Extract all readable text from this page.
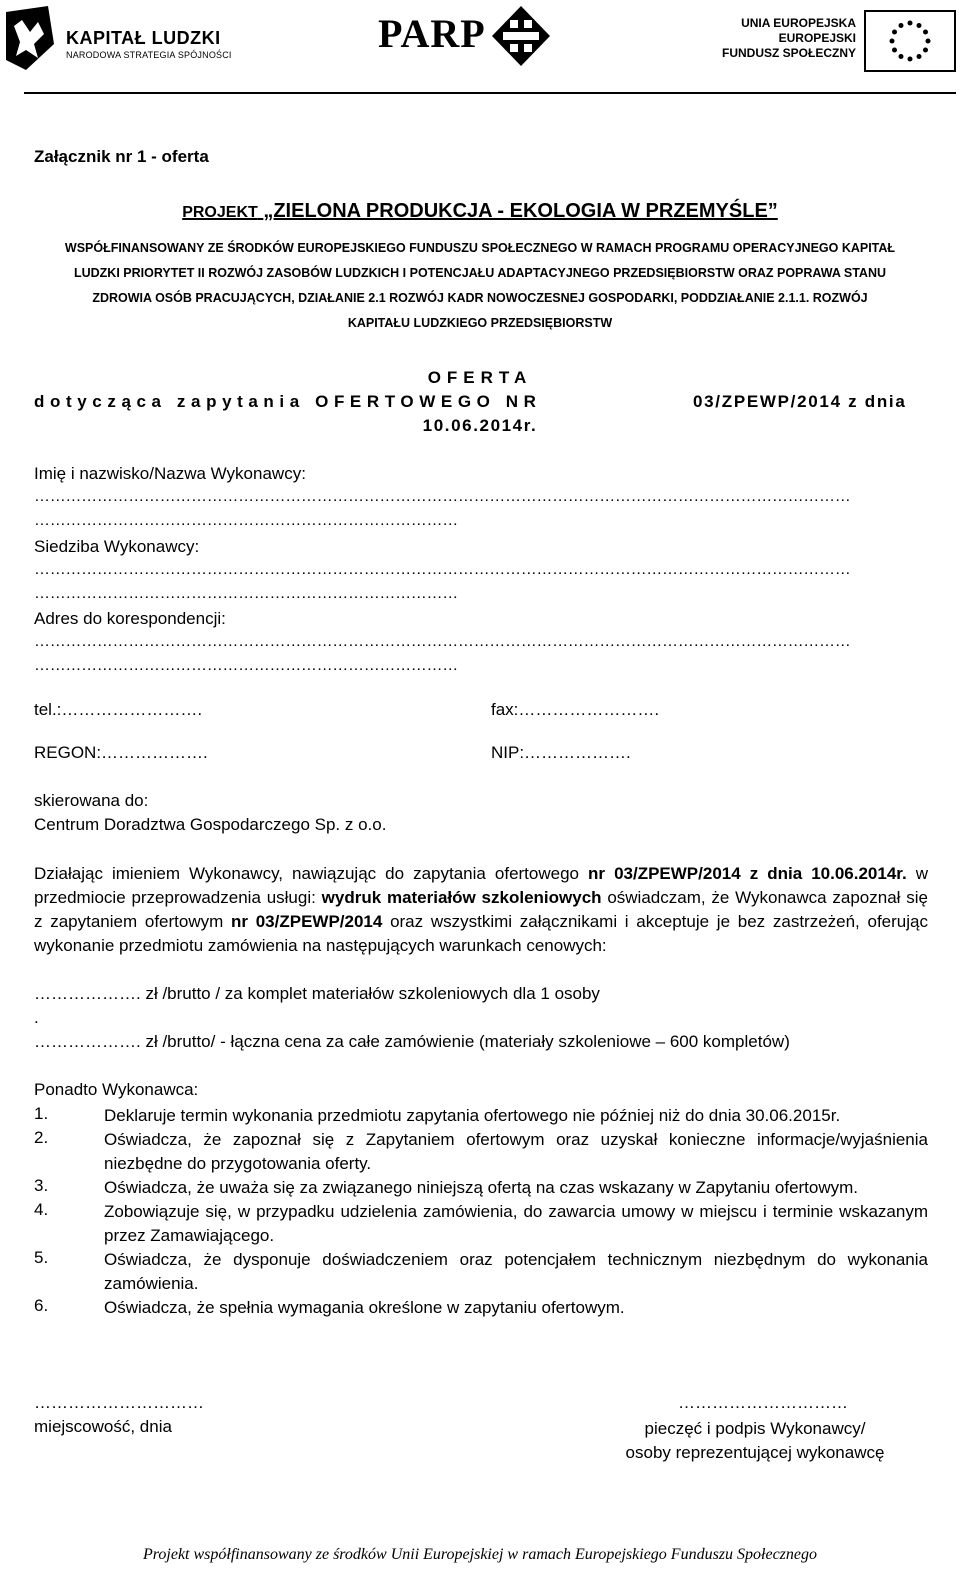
KAPITAŁ LUDZKI
NARODOWA STRATEGIA SPÓJNOŚCI	PARP	UNIA EUROPEJSKA
EUROPEJSKI
FUNDUSZ SPOŁECZNY
Załącznik nr 1 - oferta
PROJEKT „ZIELONA PRODUKCJA - EKOLOGIA W PRZEMYŚLE”
WSPÓŁFINANSOWANY ZE ŚRODKÓW EUROPEJSKIEGO FUNDUSZU SPOŁECZNEGO W RAMACH PROGRAMU OPERACYJNEGO KAPITAŁ
LUDZKI PRIORYTET II ROZWÓJ ZASOBÓW LUDZKICH I POTENCJAŁU ADAPTACYJNEGO PRZEDSIĘBIORSTW ORAZ POPRAWA STANU
ZDROWIA OSÓB PRACUJĄCYCH, DZIAŁANIE 2.1 ROZWÓJ KADR NOWOCZESNEJ GOSPODARKI, PODDZIAŁANIE 2.1.1. ROZWÓJ
KAPITAŁU LUDZKIEGO PRZEDSIĘBIORSTW
OFERTA
dotycząca zapytania OFERTOWEGO NR	03/ZPEWP/2014 z dnia
10.06.2014r.
Imię i nazwisko/Nazwa Wykonawcy:
…………………………………………………………………………………………………………………………………………
………………………………………………………………………
Siedziba Wykonawcy:
…………………………………………………………………………………………………………………………………………
………………………………………………………………………
Adres do korespondencji:
…………………………………………………………………………………………………………………………………………
………………………………………………………………………
tel.:…………………….	fax:…………………….
REGON:……………….	NIP:……………….
skierowana do:
Centrum Doradztwa Gospodarczego Sp. z o.o.
Działając imieniem Wykonawcy, nawiązując do zapytania ofertowego nr 03/ZPEWP/2014 z dnia 10.06.2014r. w przedmiocie przeprowadzenia usługi: wydruk materiałów szkoleniowych oświadczam, że Wykonawca zapoznał się z zapytaniem ofertowym nr 03/ZPEWP/2014 oraz wszystkimi załącznikami i akceptuje je bez zastrzeżeń, oferując wykonanie przedmiotu zamówienia na następujących warunkach cenowych:
………………. zł /brutto / za komplet materiałów szkoleniowych dla 1 osoby
.
………………. zł /brutto/ - łączna cena za całe zamówienie (materiały szkoleniowe – 600 kompletów)
Ponadto Wykonawca:
1.	Deklaruje termin wykonania przedmiotu zapytania ofertowego nie później niż do dnia 30.06.2015r.
2.	Oświadcza, że zapoznał się z Zapytaniem ofertowym oraz uzyskał konieczne informacje/wyjaśnienia niezbędne do przygotowania oferty.
3.	Oświadcza, że uważa się za związanego niniejszą ofertą na czas wskazany w Zapytaniu ofertowym.
4.	Zobowiązuje się, w przypadku udzielenia zamówienia, do zawarcia umowy w miejscu i terminie wskazanym przez Zamawiającego.
5.	Oświadcza, że dysponuje doświadczeniem oraz potencjałem technicznym niezbędnym do wykonania zamówienia.
6.	Oświadcza, że spełnia wymagania określone w zapytaniu ofertowym.
…………………………
miejscowość, dnia
…………………………
pieczęć i podpis Wykonawcy/
osoby reprezentującej wykonawcę
Projekt współfinansowany ze środków Unii Europejskiej w ramach Europejskiego Funduszu Społecznego
